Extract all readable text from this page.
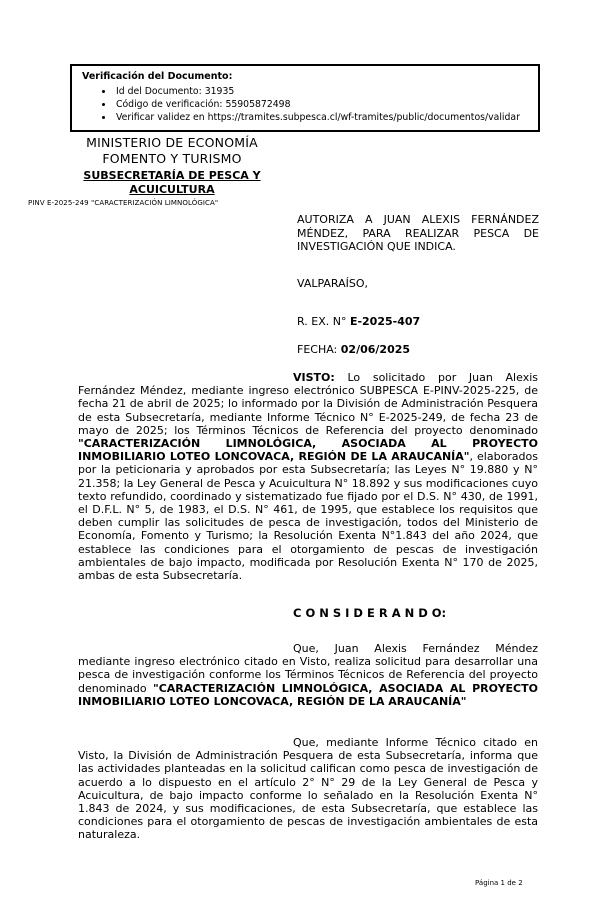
Verificación del Documento:
• Id del Documento: 31935
• Código de verificación: 55905872498
• Verificar validez en https://tramites.subpesca.cl/wf-tramites/public/documentos/validar
MINISTERIO DE ECONOMÍA
FOMENTO Y TURISMO
SUBSECRETARÍA DE PESCA Y ACUICULTURA
PINV E-2025-249 "CARACTERIZACIÓN LIMNOLÓGICA"
AUTORIZA A JUAN ALEXIS FERNÁNDEZ MÉNDEZ, PARA REALIZAR PESCA DE INVESTIGACIÓN QUE INDICA.
VALPARAÍSO,
R. EX. N° E-2025-407
FECHA: 02/06/2025

VISTO: Lo solicitado por Juan Alexis Fernández Méndez, mediante ingreso electrónico SUBPESCA E-PINV-2025-225, de fecha 21 de abril de 2025; lo informado por la División de Administración Pesquera de esta Subsecretaría, mediante Informe Técnico N° E-2025-249, de fecha 23 de mayo de 2025; los Términos Técnicos de Referencia del proyecto denominado "CARACTERIZACIÓN LIMNOLÓGICA, ASOCIADA AL PROYECTO INMOBILIARIO LOTEO LONCOVACA, REGIÓN DE LA ARAUCANÍA", elaborados por la peticionaria y aprobados por esta Subsecretaría; las Leyes N° 19.880 y N° 21.358; la Ley General de Pesca y Acuicultura N° 18.892 y sus modificaciones cuyo texto refundido, coordinado y sistematizado fue fijado por el D.S. N° 430, de 1991, el D.F.L. N° 5, de 1983, el D.S. N° 461, de 1995, que establece los requisitos que deben cumplir las solicitudes de pesca de investigación, todos del Ministerio de Economía, Fomento y Turismo; la Resolución Exenta N°1.843 del año 2024, que establece las condiciones para el otorgamiento de pescas de investigación ambientales de bajo impacto, modificada por Resolución Exenta N° 170 de 2025, ambas de esta Subsecretaría.

C O N S I D E R A N D O:

Que, Juan Alexis Fernández Méndez mediante ingreso electrónico citado en Visto, realiza solicitud para desarrollar una pesca de investigación conforme los Términos Técnicos de Referencia del proyecto denominado "CARACTERIZACIÓN LIMNOLÓGICA, ASOCIADA AL PROYECTO INMOBILIARIO LOTEO LONCOVACA, REGIÓN DE LA ARAUCANÍA"

Que, mediante Informe Técnico citado en Visto, la División de Administración Pesquera de esta Subsecretaría, informa que las actividades planteadas en la solicitud califican como pesca de investigación de acuerdo a lo dispuesto en el artículo 2° N° 29 de la Ley General de Pesca y Acuicultura, de bajo impacto conforme lo señalado en la Resolución Exenta N° 1.843 de 2024, y sus modificaciones, de esta Subsecretaría, que establece las condiciones para el otorgamiento de pescas de investigación ambientales de esta naturaleza.

Página 1 de 2
